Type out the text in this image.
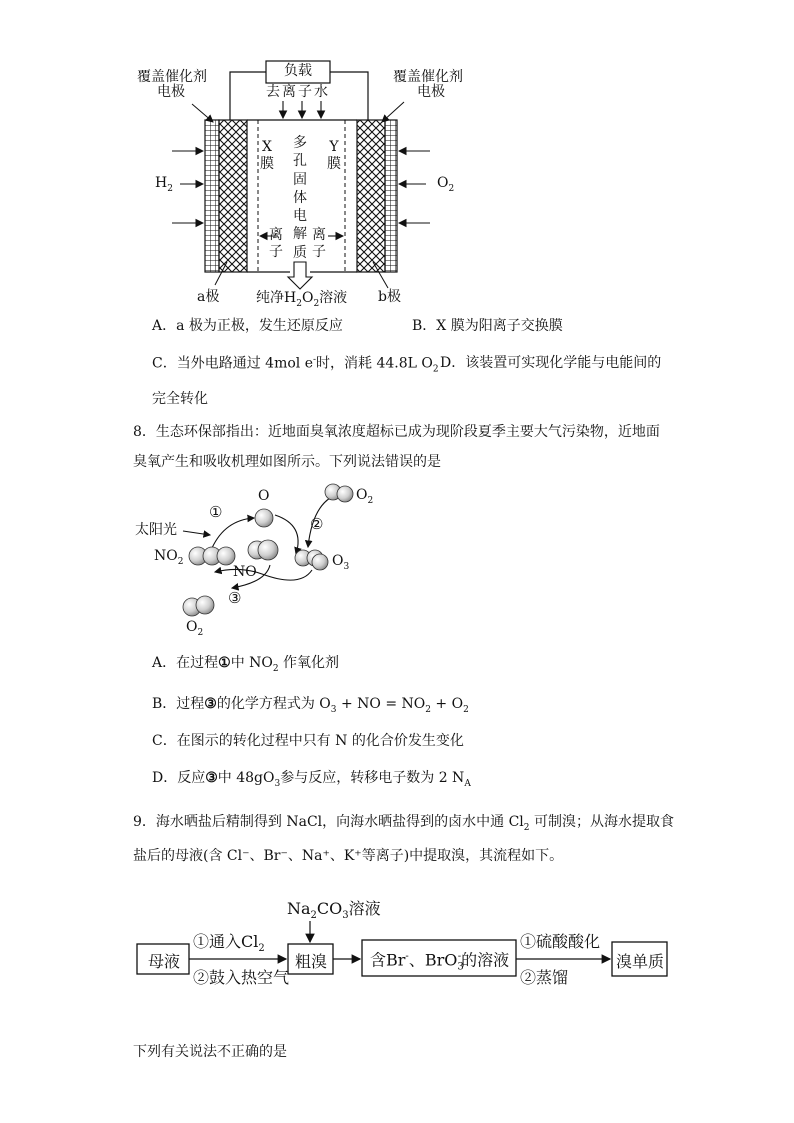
覆盖催化剂
电极
覆盖催化剂
电极
负载
去离子水
X
膜
Y
膜
多孔固体电解质
离子
离子
$H_2$	$O_2$
a极	b极
纯净$H_2O_2$溶液
A．a 极为正极，发生还原反应	B．X 膜为阳离子交换膜
C．当外电路通过 4mol e-时，消耗 44.8L $O_2$ D．该装置可实现化学能与电能间的
完全转化
8．生态环保部指出：近地面臭氧浓度超标已成为现阶段夏季主要大气污染物，近地面
臭氧产生和吸收机理如图所示。下列说法错误的是
太阳光
O
$NO_2$
NO
$O_3$
$O_2$
$O_2$
①
②
③
A．在过程①中 $NO_2$ 作氧化剂
B．过程③的化学方程式为 $O_3$ + NO = $NO_2 + O_2$
C．在图示的转化过程中只有 N 的化合价发生变化
D．反应③中 $48gO_3$参与反应，转移电子数为 2 $N_A$
9．海水晒盐后精制得到 NaCl，向海水晒盐得到的卤水中通 $Cl_2$ 可制溴；从海水提取食
盐后的母液(含 Cl⁻、Br⁻、Na⁺、K⁺等离子)中提取溴，其流程如下。
母液	粗溴	含Br-、BrO$_3$-的溶液	溴单质
$Na_2CO_3$溶液
①通入$Cl_2$
②鼓入热空气
①硫酸酸化
②蒸馏
下列有关说法不正确的是
